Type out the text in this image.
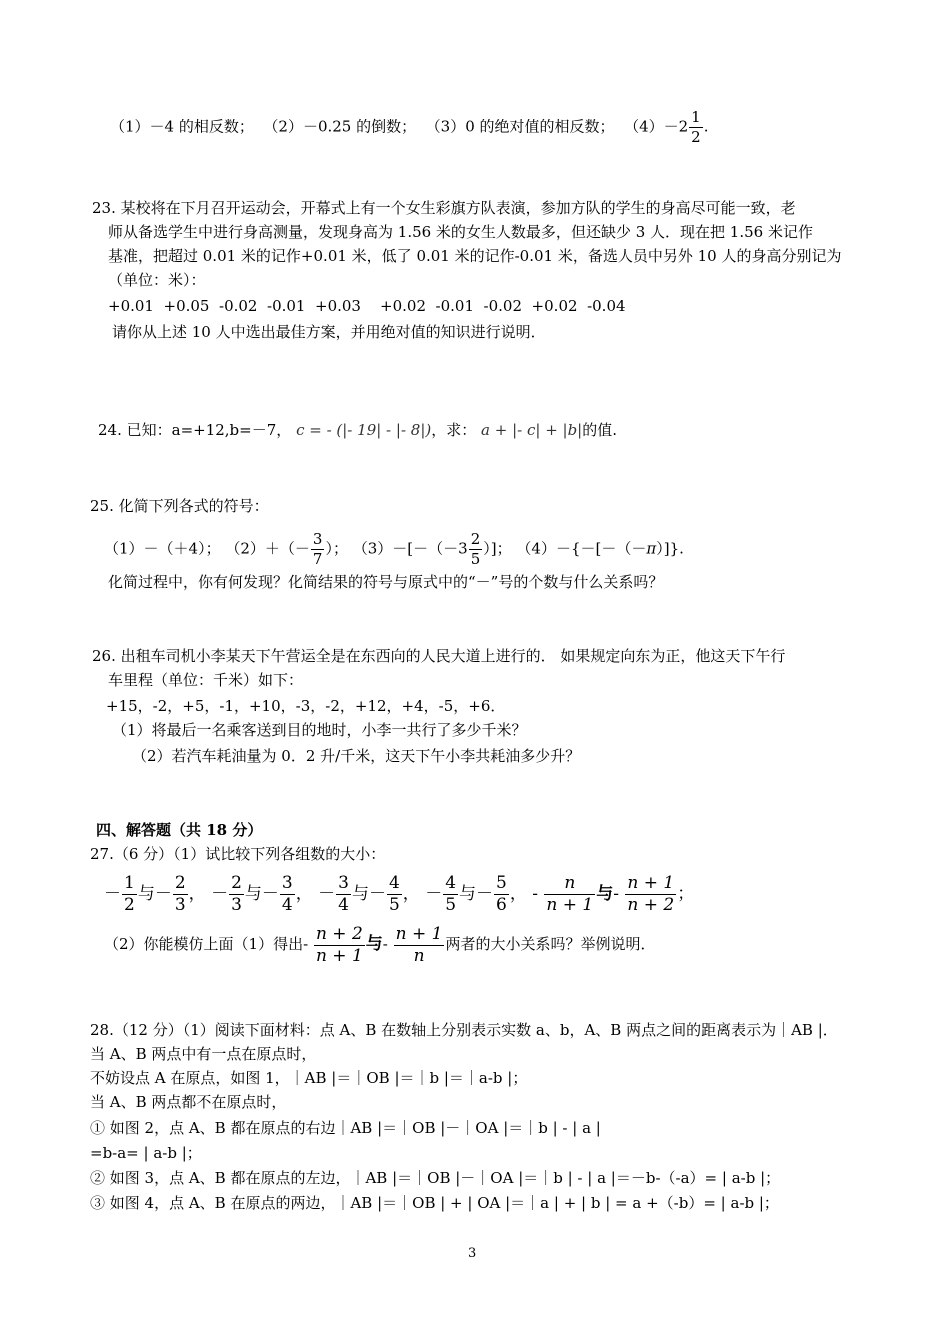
（1）－4 的相反数； （2）－0.25 的倒数； （3）0 的绝对值的相反数； $(4)-2 \frac{1}{2}$ .
23. 某校将在下月召开运动会，开幕式上有一个女生彩旗方队表演，参加方队的学生的身高尽可能一致，老
师从备选学生中进行身高测量，发现身高为 1.56 米的女生人数最多，但还缺少 3 人．现在把 1.56 米记作
基准，把超过 0.01 米的记作+0.01 米，低了 0.01 米的记作-0.01 米，备选人员中另外 10 人的身高分别记为
（单位：米）：
+0.01  +0.05  -0.02  -0.01  +0.03    +0.02  -0.01  -0.02  +0.02  -0.04
请你从上述 10 人中选出最佳方案，并用绝对值的知识进行说明．
24. 已知：a=+12,b=－7， c = - (|- 19| - |- 8|)，求： a + |- c| + |b|的值.
25. 化简下列各式的符号：
（1）－（＋4）； $(2)+(- \frac{3}{7}$ ）； $(3)-[-(-3 \frac{2}{5}$ ）]； （4）－{－[－（－π）]}.
化简过程中，你有何发现？化简结果的符号与原式中的“－”号的个数与什么关系吗？
26. 出租车司机小李某天下午营运全是在东西向的人民大道上进行的． 如果规定向东为正，他这天下午行
车里程（单位：千米）如下：
+15，-2，+5，-1，+10，-3，-2，+12，+4，-5，+6．
（1）将最后一名乘客送到目的地时，小李一共行了多少千米？
（2）若汽车耗油量为 0．2 升/千米，这天下午小李共耗油多少升？
四、解答题（共 18 分）
27.（6 分）（1）试比较下列各组数的大小：
－ $\frac{1}{2}$ 与－ $\frac{2}{3}$ ， － $\frac{2}{3}$ 与－ $\frac{3}{4}$ ， － $\frac{3}{4}$ 与－ $\frac{4}{5}$ ， － $\frac{4}{5}$ 与－ $\frac{5}{6}$ ， - $\frac{n}{n + 1}$ 与- $\frac{n + 1}{n + 2}$ ；
（2）你能模仿上面（1）得出- $\frac{n + 2}{n + 1}$ 与- $\frac{n + 1}{n}$ 两者的大小关系吗？举例说明．
28.（12 分）（1）阅读下面材料：点 A、B 在数轴上分别表示实数 a、b，A、B 两点之间的距离表示为｜AB |．
当 A、B 两点中有一点在原点时，
不妨设点 A 在原点，如图 1，｜AB |＝｜OB |＝｜b |＝｜a-b |；
当 A、B 两点都不在原点时，
① 如图 2，点 A、B 都在原点的右边｜AB |＝｜OB |－｜OA |＝｜b | - | a |
=b-a= | a-b |；
② 如图 3，点 A、B 都在原点的左边，｜AB |＝｜OB |－｜OA |＝｜b | - | a |＝－b-（-a）= | a-b |；
③ 如图 4，点 A、B 在原点的两边，｜AB |＝｜OB | + | OA |＝｜a | + | b | = a +（-b）= | a-b |；
3
